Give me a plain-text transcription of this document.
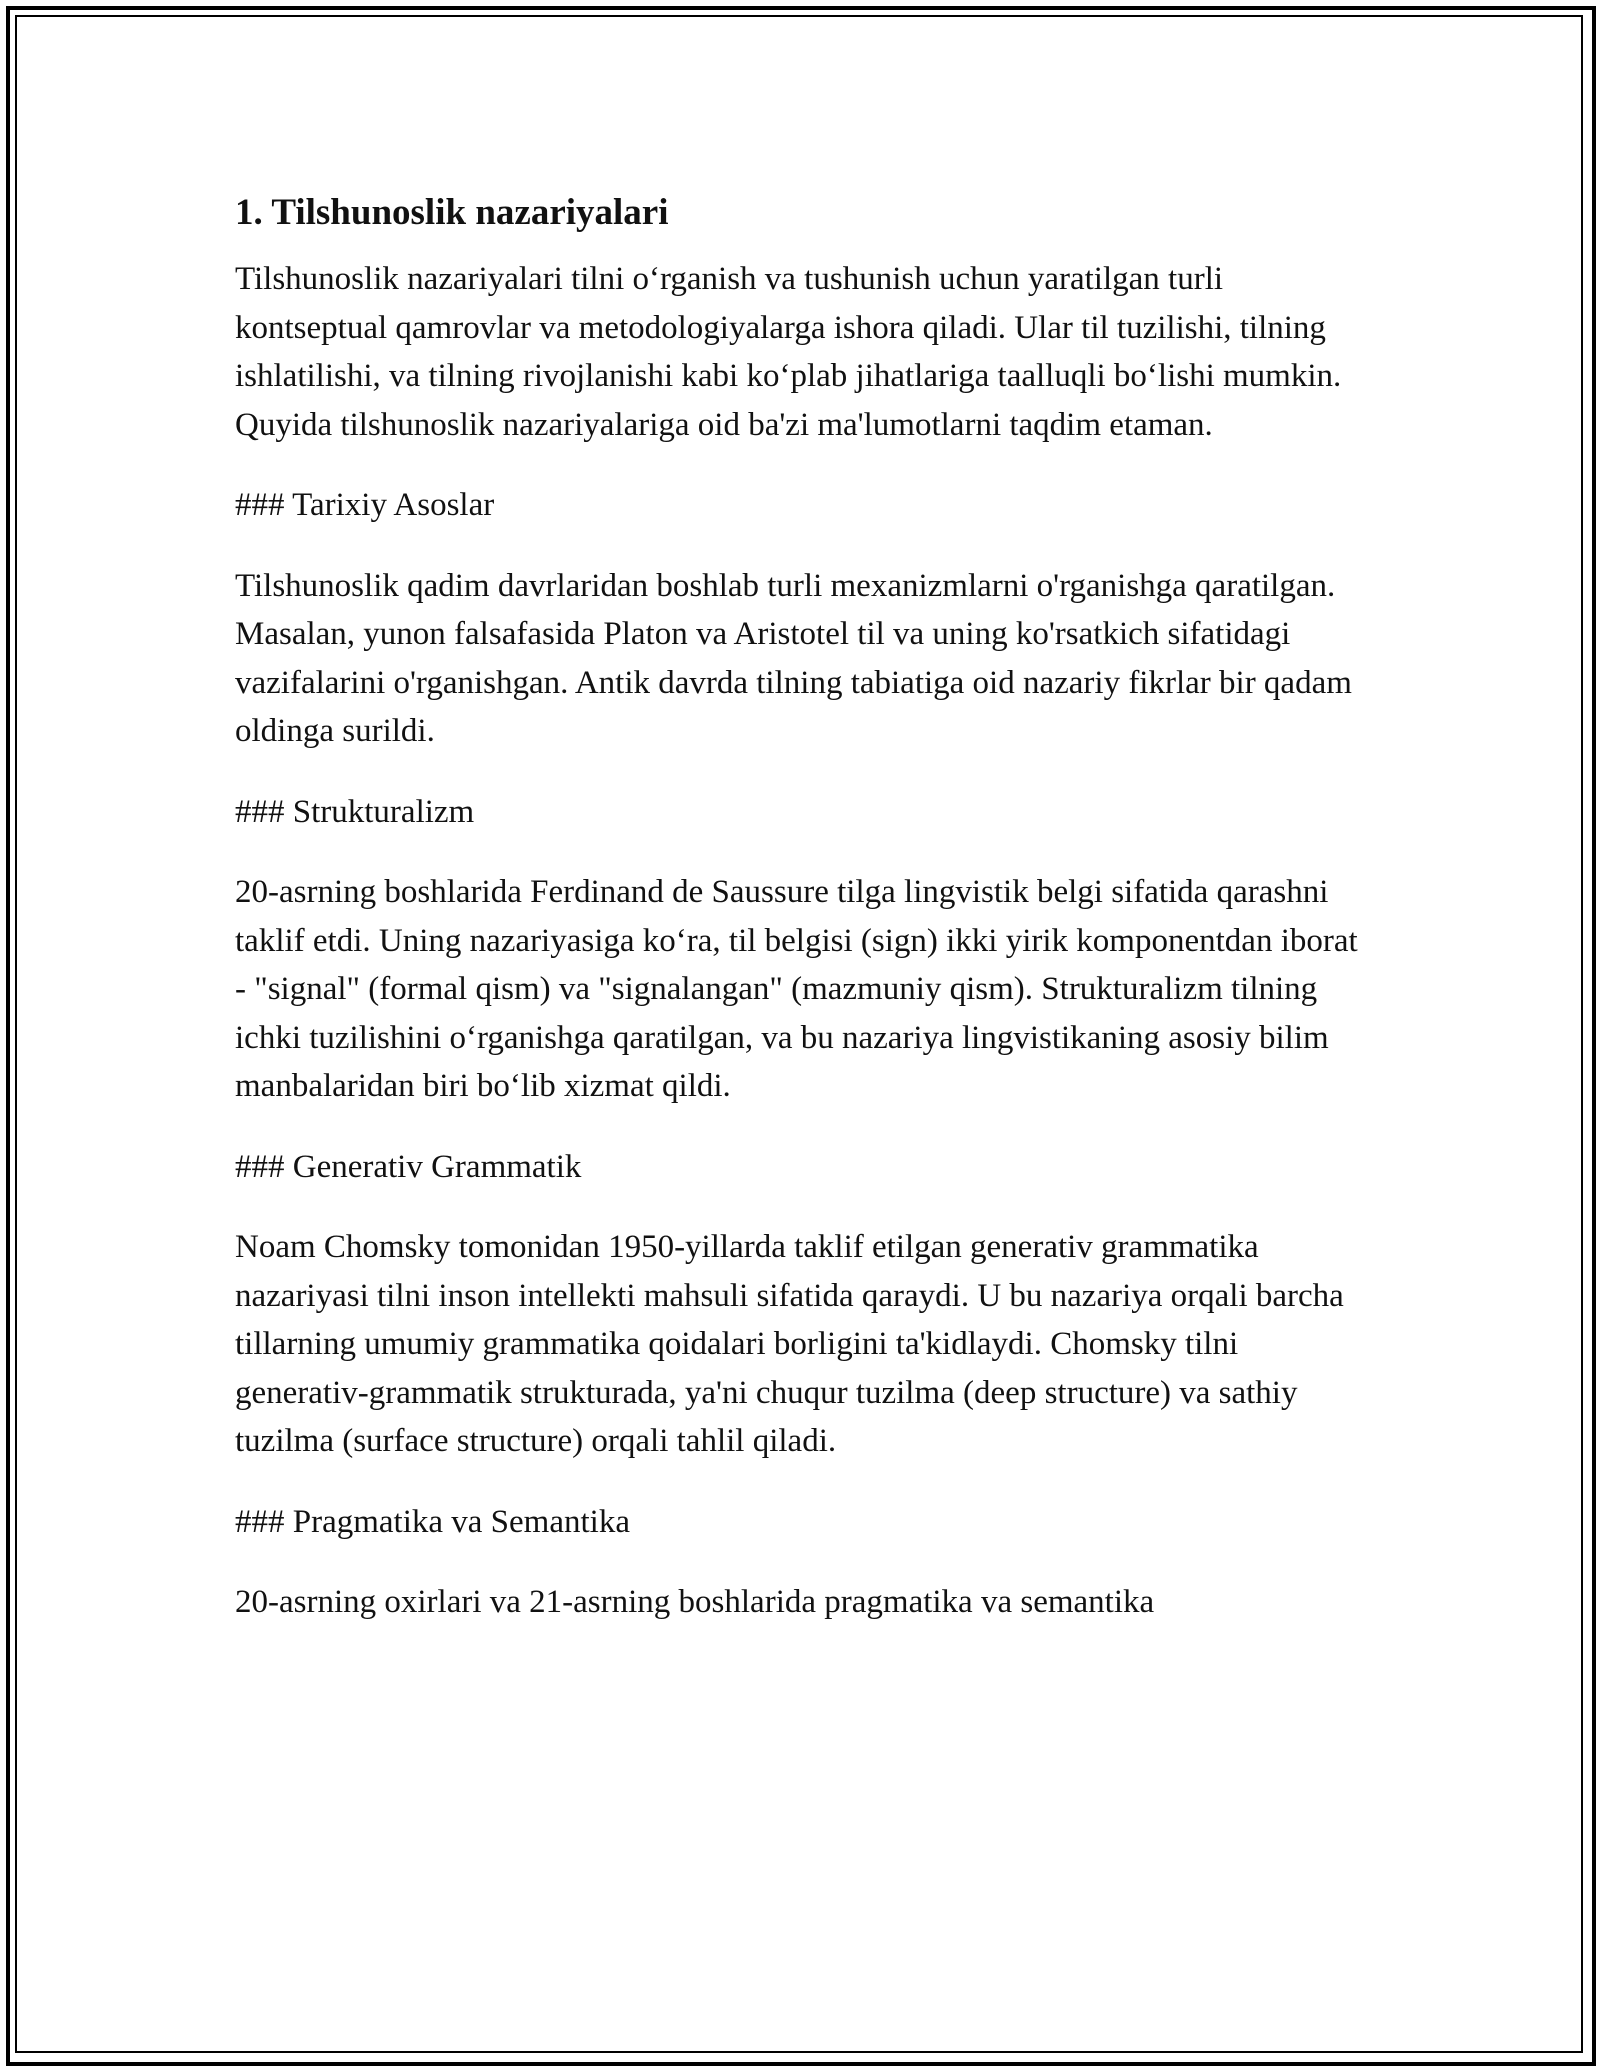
1. Tilshunoslik nazariyalari

Tilshunoslik nazariyalari tilni o‘rganish va tushunish uchun yaratilgan turli kontseptual qamrovlar va metodologiyalarga ishora qiladi. Ular til tuzilishi, tilning ishlatilishi, va tilning rivojlanishi kabi ko‘plab jihatlariga taalluqli bo‘lishi mumkin. Quyida tilshunoslik nazariyalariga oid ba'zi ma'lumotlarni taqdim etaman.

### Tarixiy Asoslar

Tilshunoslik qadim davrlaridan boshlab turli mexanizmlarni o'rganishga qaratilgan. Masalan, yunon falsafasida Platon va Aristotel til va uning ko'rsatkich sifatidagi vazifalarini o'rganishgan. Antik davrda tilning tabiatiga oid nazariy fikrlar bir qadam oldinga surildi.

### Strukturalizm

20-asrning boshlarida Ferdinand de Saussure tilga lingvistik belgi sifatida qarashni taklif etdi. Uning nazariyasiga ko‘ra, til belgisi (sign) ikki yirik komponentdan iborat - "signal" (formal qism) va "signalangan" (mazmuniy qism). Strukturalizm tilning ichki tuzilishini o‘rganishga qaratilgan, va bu nazariya lingvistikaning asosiy bilim manbalaridan biri bo‘lib xizmat qildi.

### Generativ Grammatik

Noam Chomsky tomonidan 1950-yillarda taklif etilgan generativ grammatika nazariyasi tilni inson intellekti mahsuli sifatida qaraydi. U bu nazariya orqali barcha tillarning umumiy grammatika qoidalari borligini ta'kidlaydi. Chomsky tilni generativ-grammatik strukturada, ya'ni chuqur tuzilma (deep structure) va sathiy tuzilma (surface structure) orqali tahlil qiladi.

### Pragmatika va Semantika

20-asrning oxirlari va 21-asrning boshlarida pragmatika va semantika
